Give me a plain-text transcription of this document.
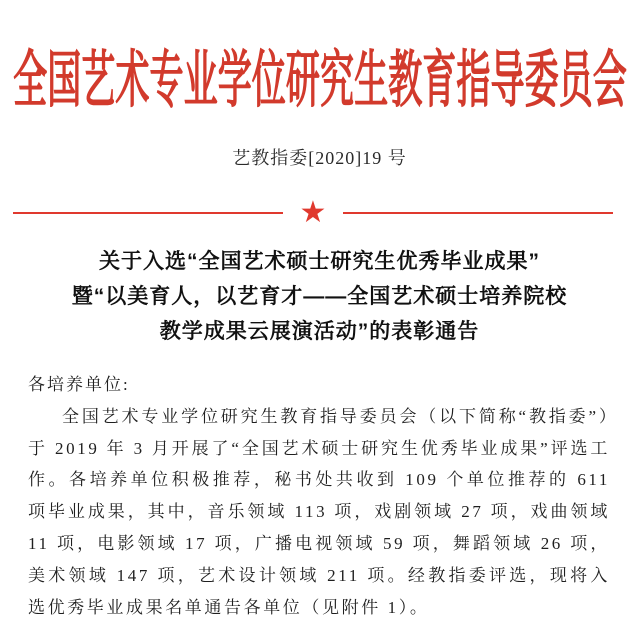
全国艺术专业学位研究生教育指导委员会
艺教指委[2020]19 号
★
关于入选“全国艺术硕士研究生优秀毕业成果”
暨“以美育人，以艺育才——全国艺术硕士培养院校
教学成果云展演活动”的表彰通告

各培养单位:

全国艺术专业学位研究生教育指导委员会（以下简称“教指委”）于 2019 年 3 月开展了“全国艺术硕士研究生优秀毕业成果”评选工作。各培养单位积极推荐，秘书处共收到 109 个单位推荐的 611 项毕业成果，其中，音乐领域 113 项，戏剧领域 27 项，戏曲领域 11 项，电影领域 17 项，广播电视领域 59 项，舞蹈领域 26 项，美术领域 147 项，艺术设计领域 211 项。经教指委评选，现将入选优秀毕业成果名单通告各单位（见附件 1）。
